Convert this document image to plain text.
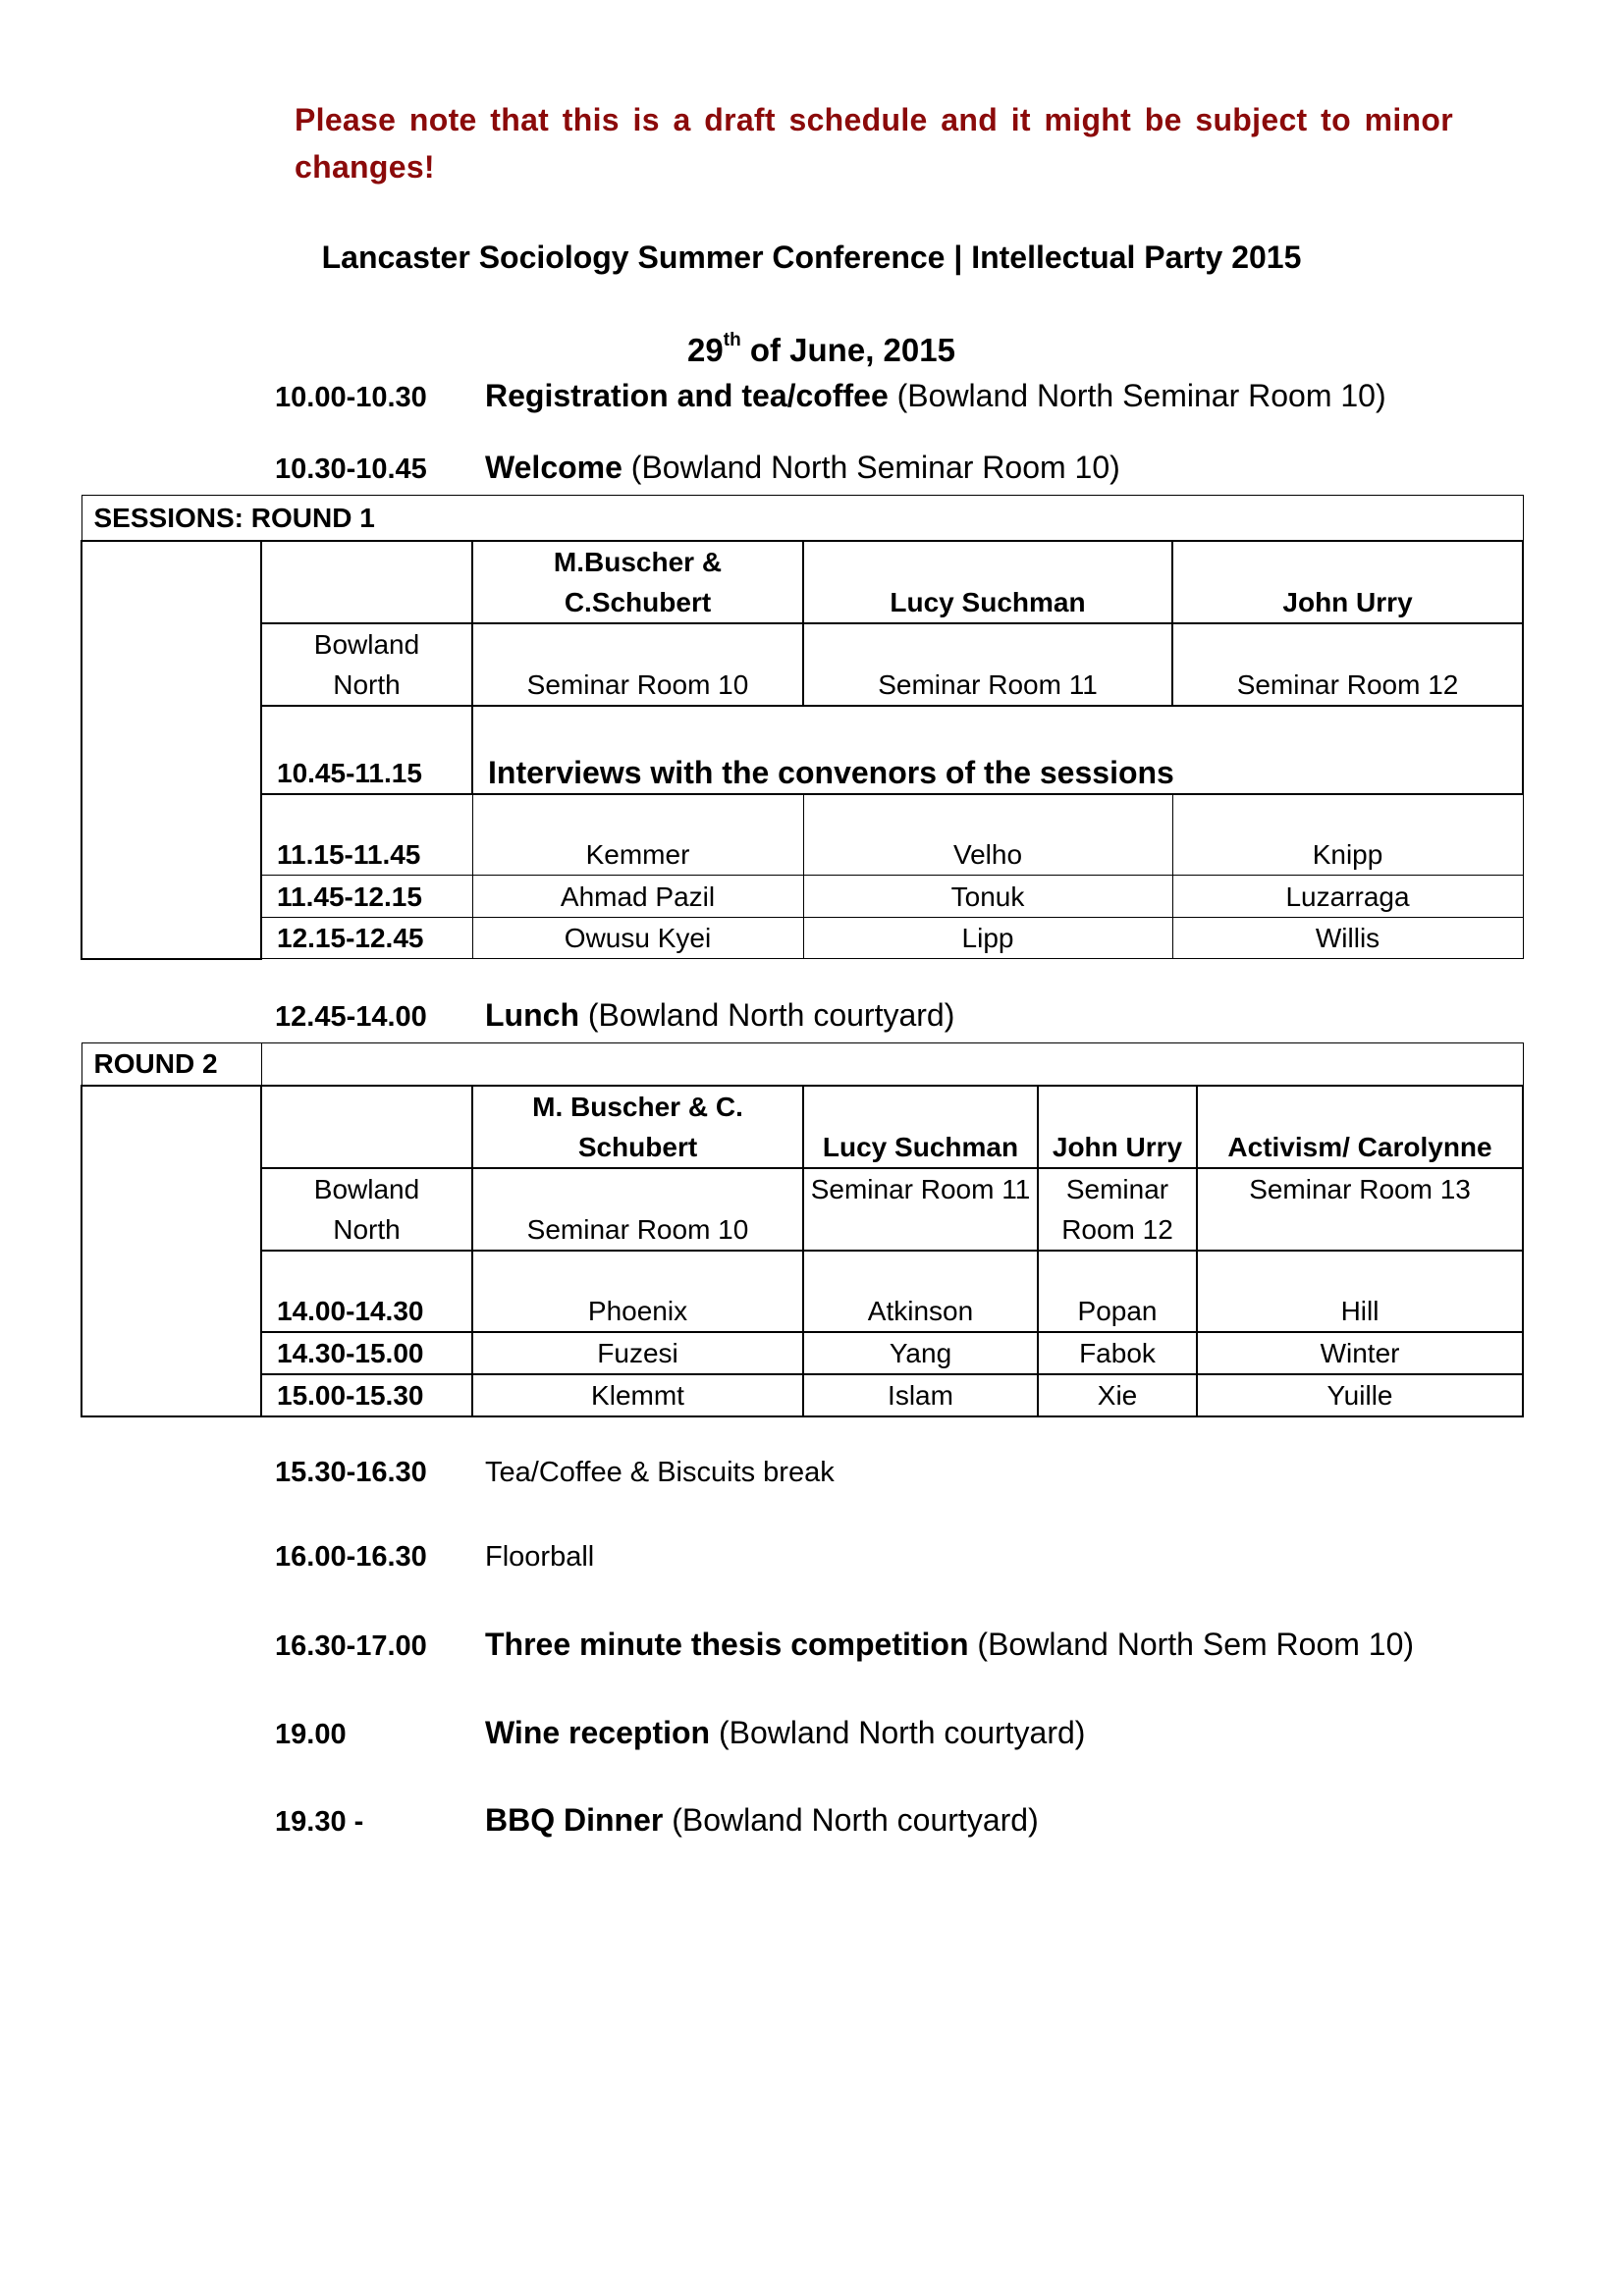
Please note that this is a draft schedule and it might be subject to minor changes!
Lancaster Sociology Summer Conference | Intellectual Party 2015
29th of June, 2015
10.00-10.30	Registration and tea/coffee (Bowland North Seminar Room 10)
10.30-10.45	Welcome (Bowland North Seminar Room 10)
SESSIONS: ROUND 1				
		M.Buscher & C.Schubert	Lucy Suchman	John Urry
	Bowland
North	Seminar Room 10	Seminar Room 11	Seminar Room 12
	10.45-11.15	Interviews with the convenors of the sessions		
	11.15-11.45	Kemmer	Velho	Knipp
	11.45-12.15	Ahmad Pazil	Tonuk	Luzarraga
	12.15-12.45	Owusu Kyei	Lipp	Willis
12.45-14.00	Lunch (Bowland North courtyard)
ROUND 2					
		M. Buscher & C. Schubert	Lucy Suchman	John Urry	Activism/ Carolynne
	Bowland
North	Seminar Room 10	Seminar Room 11	Seminar Room 12	Seminar Room 13
	14.00-14.30	Phoenix	Atkinson	Popan	Hill
	14.30-15.00	Fuzesi	Yang	Fabok	Winter
	15.00-15.30	Klemmt	Islam	Xie	Yuille
15.30-16.30	Tea/Coffee & Biscuits break
16.00-16.30	Floorball
16.30-17.00	Three minute thesis competition (Bowland North Sem Room 10)
19.00	Wine reception (Bowland North courtyard)
19.30 -	BBQ Dinner (Bowland North courtyard)
